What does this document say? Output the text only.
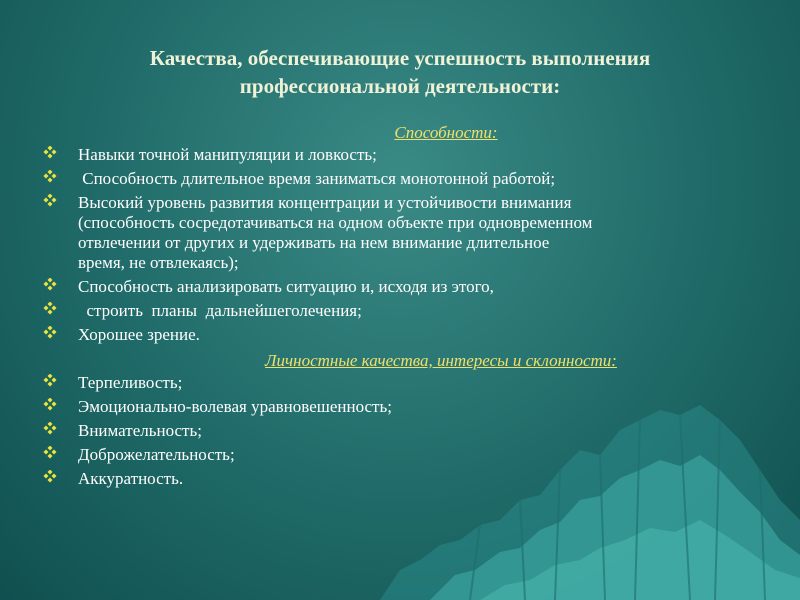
Качества, обеспечивающие успешность выполнения
профессиональной деятельности:
Способности:
Навыки точной манипуляции и ловкость;
Способность длительное время заниматься монотонной работой;
Высокий уровень развития концентрации и устойчивости внимания
(способность сосредотачиваться на одном объекте при одновременном
отвлечении от других и удерживать на нем внимание длительное
время, не отвлекаясь);
Способность анализировать ситуацию и, исходя из этого,
строить  планы  дальнейшеголечения;
Хорошее зрение.
Личностные качества, интересы и склонности:
Терпеливость;
Эмоционально-волевая уравновешенность;
Внимательность;
Доброжелательность;
Аккуратность.
